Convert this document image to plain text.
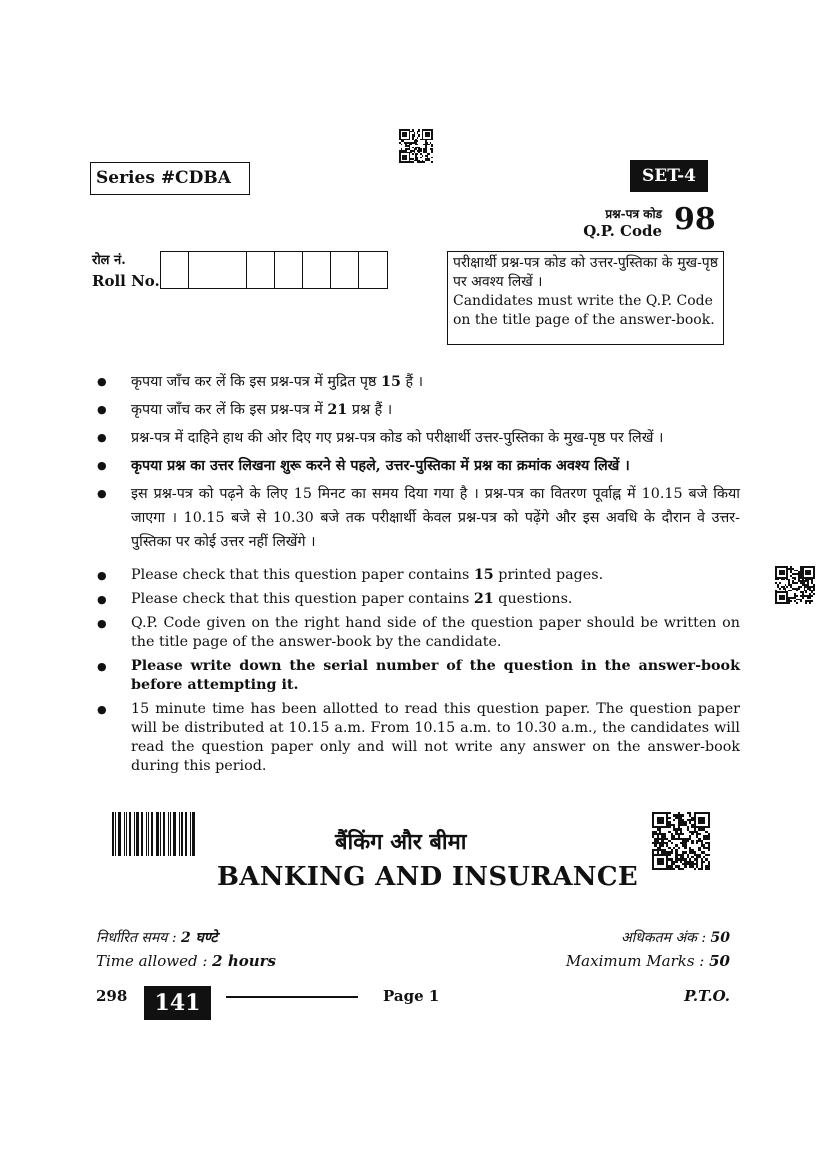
Series #CDBA	SET-4
प्रश्न-पत्र कोड
Q.P. Code 98
रोल नं.
Roll No.
परीक्षार्थी प्रश्न-पत्र कोड को उत्तर-पुस्तिका के मुख-पृष्ठ पर अवश्य लिखें ।
Candidates must write the Q.P. Code on the title page of the answer-book.
● कृपया जाँच कर लें कि इस प्रश्न-पत्र में मुद्रित पृष्ठ 15 हैं ।
● कृपया जाँच कर लें कि इस प्रश्न-पत्र में 21 प्रश्न हैं ।
● प्रश्न-पत्र में दाहिने हाथ की ओर दिए गए प्रश्न-पत्र कोड को परीक्षार्थी उत्तर-पुस्तिका के मुख-पृष्ठ पर लिखें ।
● कृपया प्रश्न का उत्तर लिखना शुरू करने से पहले, उत्तर-पुस्तिका में प्रश्न का क्रमांक अवश्य लिखें ।
● इस प्रश्न-पत्र को पढ़ने के लिए 15 मिनट का समय दिया गया है । प्रश्न-पत्र का वितरण पूर्वाह्न में 10.15 बजे किया जाएगा । 10.15 बजे से 10.30 बजे तक परीक्षार्थी केवल प्रश्न-पत्र को पढ़ेंगे और इस अवधि के दौरान वे उत्तर-पुस्तिका पर कोई उत्तर नहीं लिखेंगे ।
● Please check that this question paper contains 15 printed pages.
● Please check that this question paper contains 21 questions.
● Q.P. Code given on the right hand side of the question paper should be written on the title page of the answer-book by the candidate.
● Please write down the serial number of the question in the answer-book before attempting it.
● 15 minute time has been allotted to read this question paper. The question paper will be distributed at 10.15 a.m. From 10.15 a.m. to 10.30 a.m., the candidates will read the question paper only and will not write any answer on the answer-book during this period.
बैंकिंग और बीमा
BANKING AND INSURANCE
निर्धारित समय : 2 घण्टे
Time allowed : 2 hours
अधिकतम अंक : 50
Maximum Marks : 50
298	141	Page 1	P.T.O.
